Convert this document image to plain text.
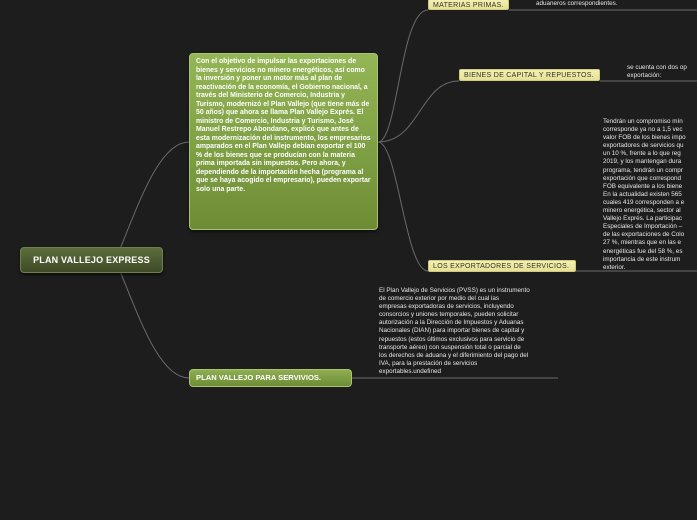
PLAN VALLEJO EXPRESS
Con el objetivo de impulsar las exportaciones de bienes y servicios no minero energéticos, así como la inversión y poner un motor más al plan de reactivación de la economía, el Gobierno nacional, a través del Ministerio de Comercio, Industria y Turismo, modernizó el Plan Vallejo (que tiene más de 50 años) que ahora se llama Plan Vallejo Exprés. El ministro de Comercio, Industria y Turismo, José Manuel Restrepo Abondano, explicó que antes de esta modernización del instrumento, los empresarios amparados en el Plan Vallejo debían exportar el 100 % de los bienes que se producían con la materia prima importada sin impuestos. Pero ahora, y dependiendo de la importación hecha (programa al que se haya acogido el empresario), pueden exportar solo una parte.
PLAN VALLEJO PARA SERVIVIOS.
MATERIAS PRIMAS.
BIENES DE CAPITAL Y REPUESTOS.
LOS EXPORTADORES DE SERVICIOS.
aduaneros correspondientes.
se cuenta con dos op
exportación:
Tendrán un compromiso mín
corresponde ya no a 1,5 vec
valor FOB de los bienes impo
exportadores de servicios qu
un 10 %, frente a lo que reg
2019, y los mantengan dura
programa, tendrán un compr
exportación que correspond
FOB equivalente a los biene
En la actualidad existen 565
cuales 419 corresponden a e
minero energética, sector al
Vallejo Exprés. La participac
Especiales de Importación –
de las exportaciones de Colo
27 %, mientras que en las e
energéticas fue del 58 %, es
importancia de este instrum
exterior.
El Plan Vallejo de Servicios (PVSS) es un instrumento
de comercio exterior por medio del cual las
empresas exportadoras de servicios, incluyendo
consorcios y uniones temporales, pueden solicitar
autorización a la Dirección de Impuestos y Aduanas
Nacionales (DIAN) para importar bienes de capital y
repuestos (estos últimos exclusivos para servicio de
transporte aéreo) con suspensión total o parcial de
los derechos de aduana y el diferimiento del pago del
IVA, para la prestación de servicios
exportables.undefined
